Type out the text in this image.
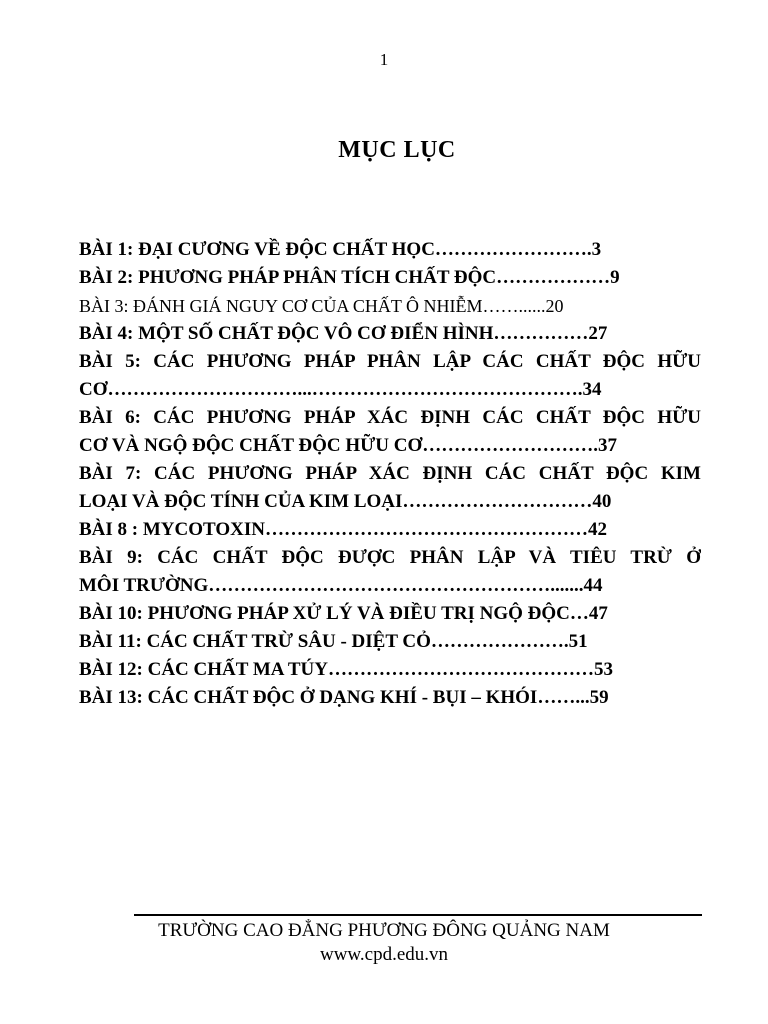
1
MỤC LỤC
BÀI 1: ĐẠI CƯƠNG VỀ ĐỘC CHẤT HỌC…………………….3
BÀI 2: PHƯƠNG PHÁP PHÂN TÍCH CHẤT ĐỘC………………9
BÀI 3: ĐÁNH GIÁ NGUY CƠ CỦA CHẤT Ô NHIỄM……......20
BÀI 4: MỘT SỐ CHẤT ĐỘC VÔ CƠ ĐIỂN HÌNH……………27
BÀI 5: CÁC PHƯƠNG PHÁP PHÂN LẬP CÁC CHẤT ĐỘC HỮU
CƠ…………………………...…………………………………….34
BÀI 6: CÁC PHƯƠNG PHÁP XÁC ĐỊNH CÁC CHẤT ĐỘC HỮU
CƠ VÀ NGỘ ĐỘC CHẤT ĐỘC HỮU CƠ……………………….37
BÀI 7: CÁC PHƯƠNG PHÁP XÁC ĐỊNH CÁC CHẤT ĐỘC KIM
LOẠI VÀ ĐỘC TÍNH CỦA KIM LOẠI…………………………40
BÀI 8 : MYCOTOXIN……………………………………………42
BÀI 9: CÁC CHẤT ĐỘC ĐƯỢC PHÂN LẬP VÀ TIÊU TRỪ Ở
MÔI TRƯỜNG……………………………………………….......44
BÀI 10: PHƯƠNG PHÁP XỬ LÝ VÀ ĐIỀU TRỊ NGỘ ĐỘC…47
BÀI 11: CÁC CHẤT TRỪ SÂU - DIỆT CỎ………………….51
BÀI 12: CÁC CHẤT MA TÚY……………………………………53
BÀI 13: CÁC CHẤT ĐỘC Ở DẠNG KHÍ - BỤI – KHÓI……...59
TRƯỜNG CAO ĐẲNG PHƯƠNG ĐÔNG QUẢNG NAM
www.cpd.edu.vn
